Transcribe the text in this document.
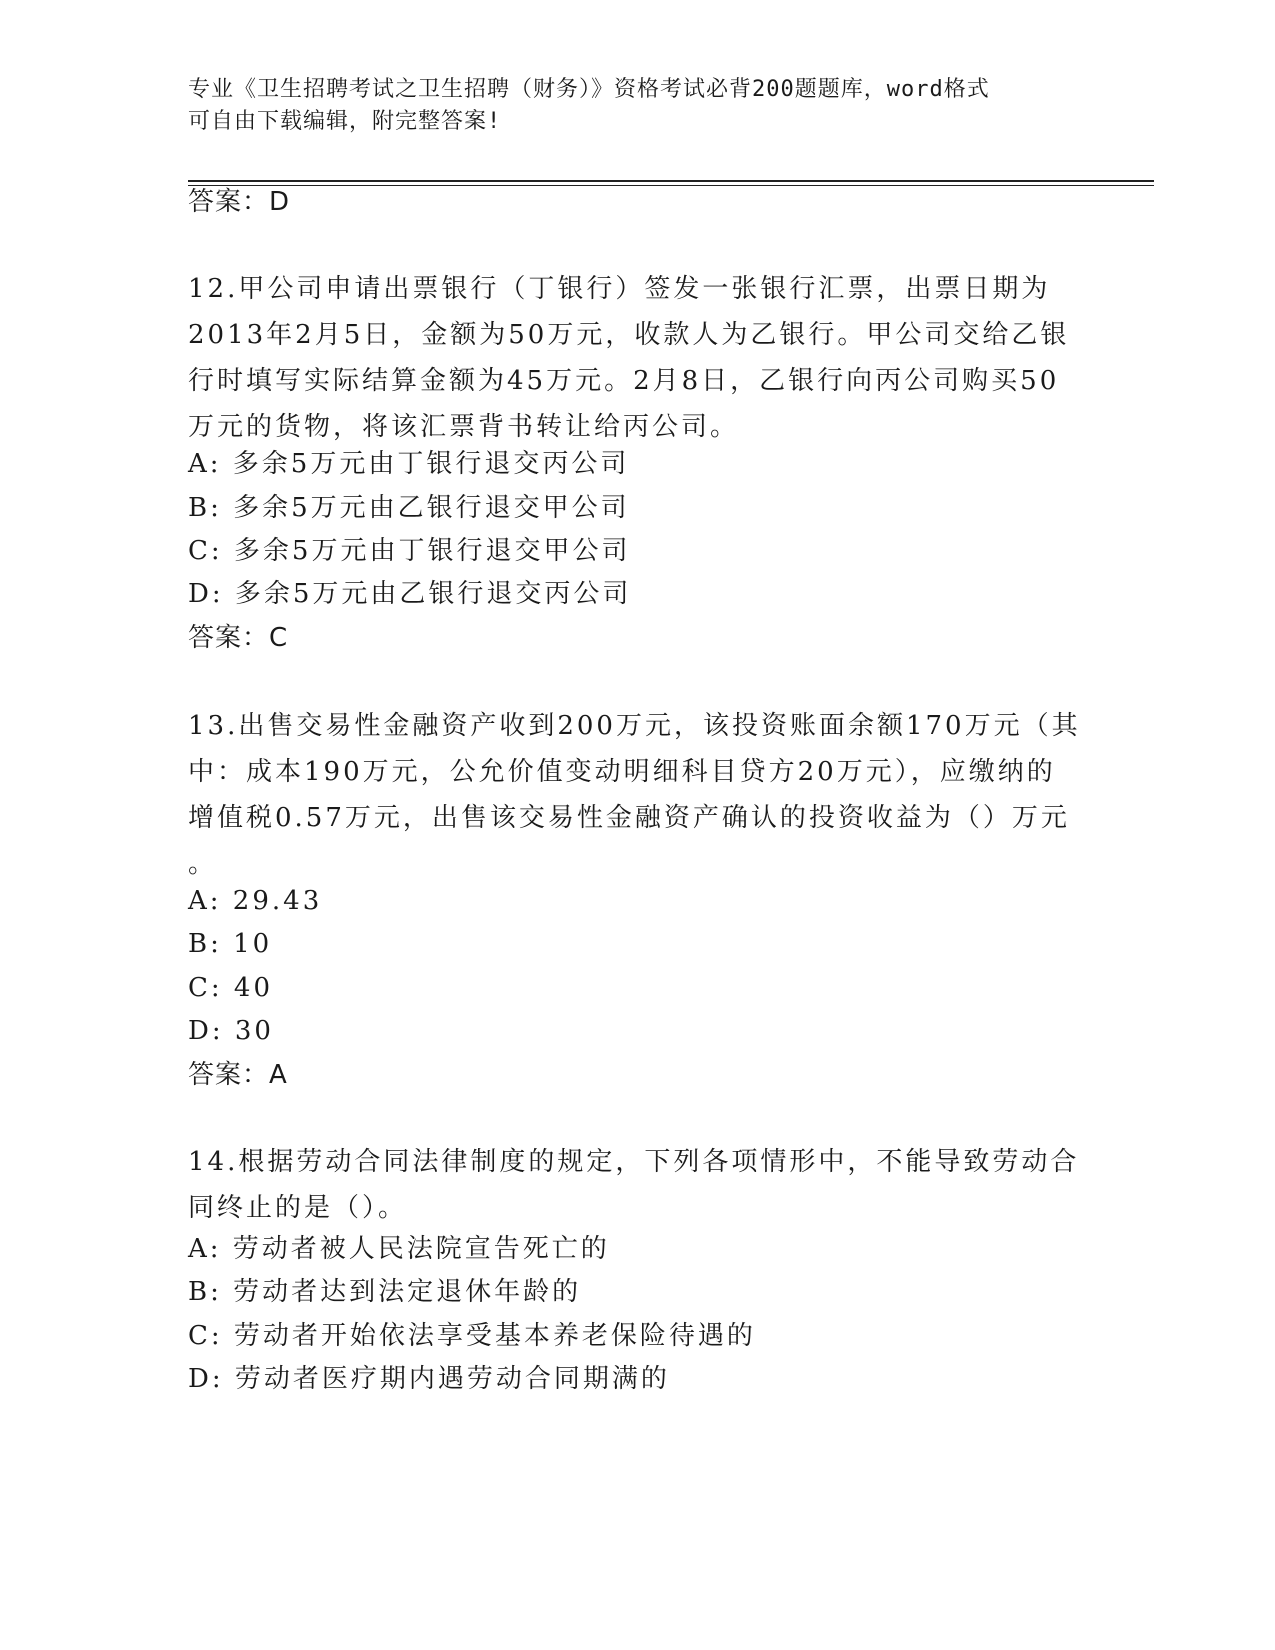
专业《卫生招聘考试之卫生招聘（财务）》资格考试必背200题题库，word格式
可自由下载编辑，附完整答案!
答案：D
12.甲公司申请出票银行（丁银行）签发一张银行汇票，出票日期为
2013年2月5日，金额为50万元，收款人为乙银行。甲公司交给乙银
行时填写实际结算金额为45万元。2月8日，乙银行向丙公司购买50
万元的货物，将该汇票背书转让给丙公司。
A: 多余5万元由丁银行退交丙公司
B: 多余5万元由乙银行退交甲公司
C: 多余5万元由丁银行退交甲公司
D: 多余5万元由乙银行退交丙公司
答案：C
13.出售交易性金融资产收到200万元，该投资账面余额170万元（其
中：成本190万元，公允价值变动明细科目贷方20万元），应缴纳的
增值税0.57万元，出售该交易性金融资产确认的投资收益为（）万元
。
A: 29.43
B: 10
C: 40
D: 30
答案：A
14.根据劳动合同法律制度的规定，下列各项情形中，不能导致劳动合
同终止的是（）。
A: 劳动者被人民法院宣告死亡的
B: 劳动者达到法定退休年龄的
C: 劳动者开始依法享受基本养老保险待遇的
D: 劳动者医疗期内遇劳动合同期满的
